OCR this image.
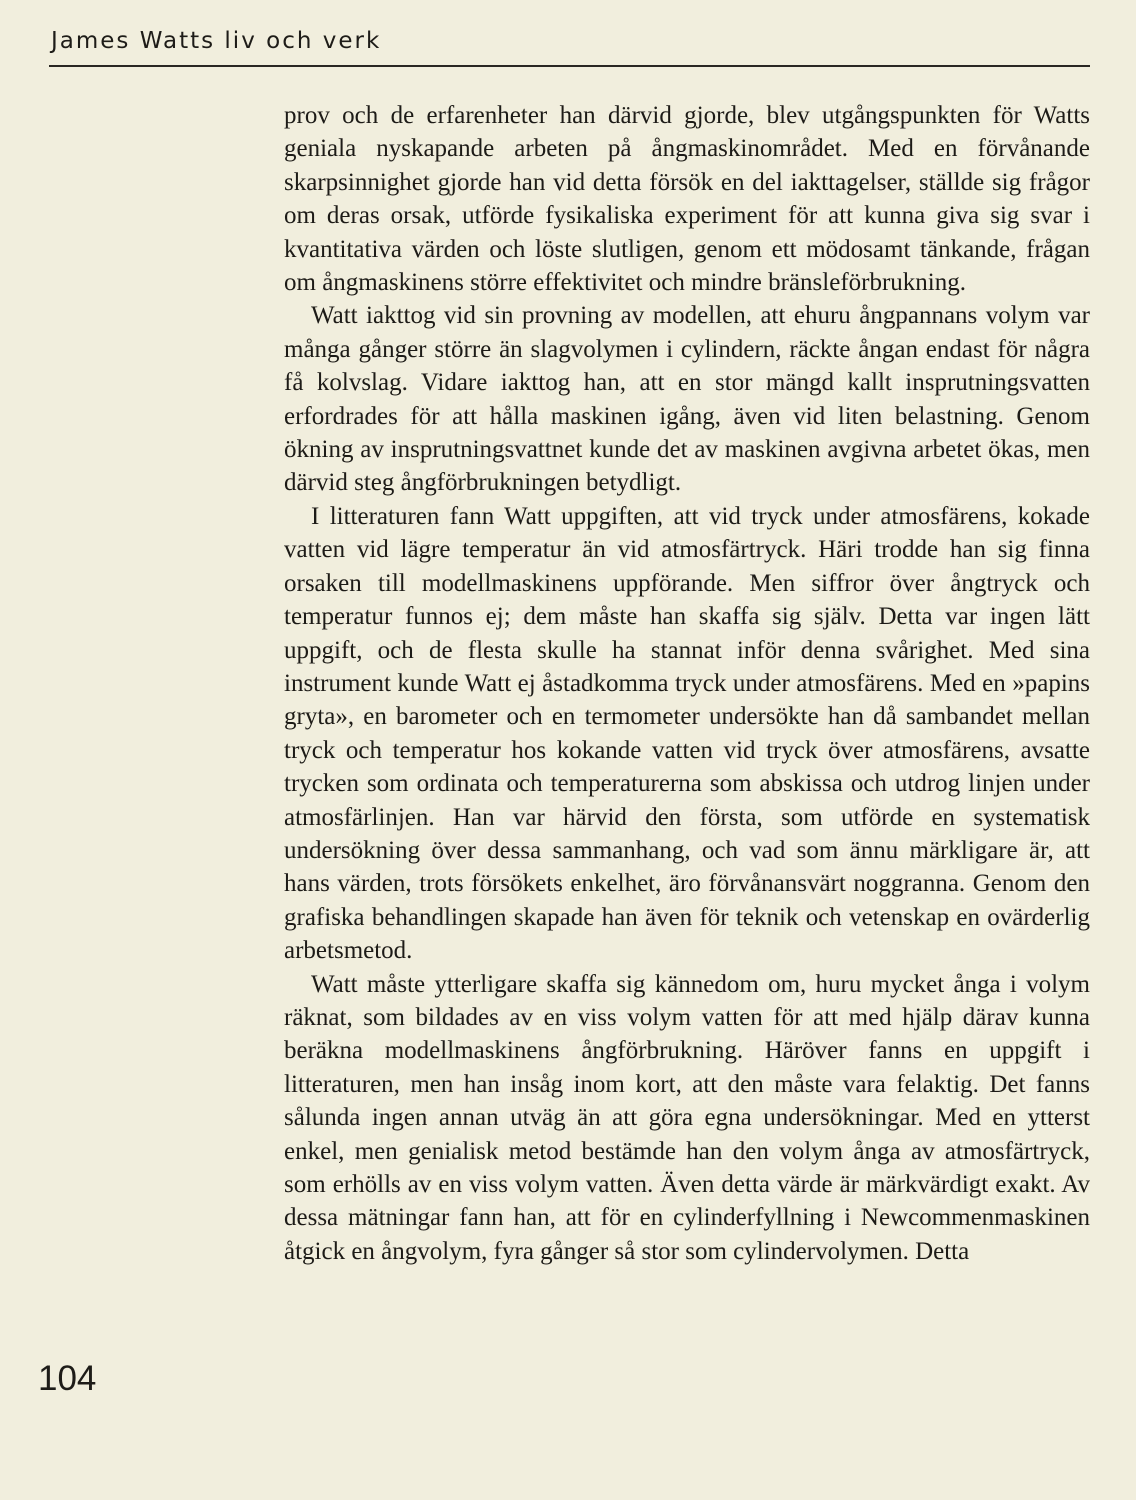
James Watts liv och verk

prov och de erfarenheter han därvid gjorde, blev utgångspunkten för Watts geniala nyskapande arbeten på ångmaskinområdet. Med en förvånande skarpsinnighet gjorde han vid detta försök en del iakttagelser, ställde sig frågor om deras orsak, utförde fysikaliska experiment för att kunna giva sig svar i kvantitativa värden och löste slutligen, genom ett mödosamt tänkande, frågan om ångmaskinens större effektivitet och mindre bränsleförbrukning.

Watt iakttog vid sin provning av modellen, att ehuru ångpannans volym var många gånger större än slagvolymen i cylindern, räckte ångan endast för några få kolvslag. Vidare iakttog han, att en stor mängd kallt insprutningsvatten erfordrades för att hålla maskinen igång, även vid liten belastning. Genom ökning av insprutningsvattnet kunde det av maskinen avgivna arbetet ökas, men därvid steg ångförbrukningen betydligt.

I litteraturen fann Watt uppgiften, att vid tryck under atmosfärens, kokade vatten vid lägre temperatur än vid atmosfärtryck. Häri trodde han sig finna orsaken till modellmaskinens uppförande. Men siffror över ångtryck och temperatur funnos ej; dem måste han skaffa sig själv. Detta var ingen lätt uppgift, och de flesta skulle ha stannat inför denna svårighet. Med sina instrument kunde Watt ej åstadkomma tryck under atmosfärens. Med en »papins gryta», en barometer och en termometer undersökte han då sambandet mellan tryck och temperatur hos kokande vatten vid tryck över atmosfärens, avsatte trycken som ordinata och temperaturerna som abskissa och utdrog linjen under atmosfärlinjen. Han var härvid den första, som utförde en systematisk undersökning över dessa sammanhang, och vad som ännu märkligare är, att hans värden, trots försökets enkelhet, äro förvånansvärt noggranna. Genom den grafiska behandlingen skapade han även för teknik och vetenskap en ovärderlig arbetsmetod.

Watt måste ytterligare skaffa sig kännedom om, huru mycket ånga i volym räknat, som bildades av en viss volym vatten för att med hjälp därav kunna beräkna modellmaskinens ångförbrukning. Häröver fanns en uppgift i litteraturen, men han insåg inom kort, att den måste vara felaktig. Det fanns sålunda ingen annan utväg än att göra egna undersökningar. Med en ytterst enkel, men genialisk metod bestämde han den volym ånga av atmosfärtryck, som erhölls av en viss volym vatten. Även detta värde är märkvärdigt exakt. Av dessa mätningar fann han, att för en cylinderfyllning i Newcommenmaskinen åtgick en ångvolym, fyra gånger så stor som cylindervolymen. Detta

104
